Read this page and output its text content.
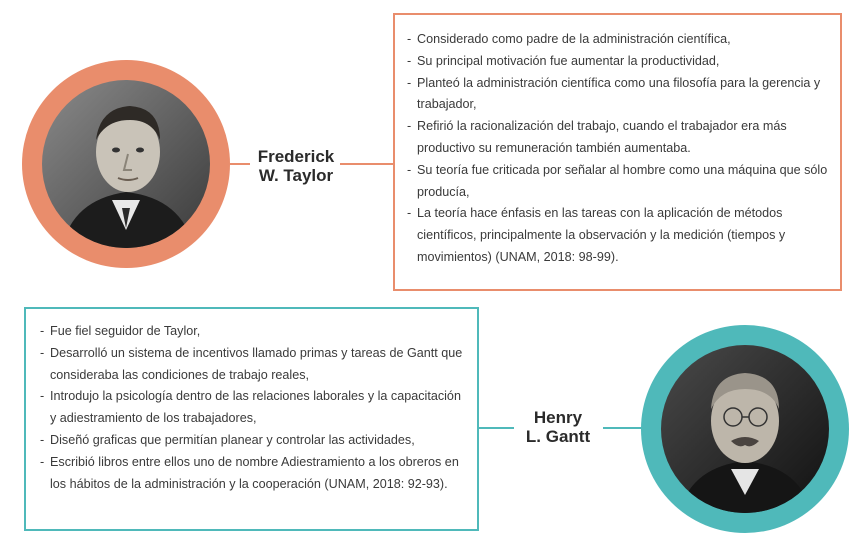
Frederick
W. Taylor
- Considerado como padre de la administración científica,
- Su principal motivación fue aumentar la productividad,
- Planteó la administración científica como una filosofía para la gerencia y trabajador,
- Refirió la racionalización del trabajo, cuando el trabajador era más productivo su remuneración también aumentaba.
- Su teoría fue criticada por señalar al hombre como una máquina que sólo producía,
- La teoría hace énfasis en las tareas con la aplicación de métodos científicos, principalmente la observación y la medición (tiempos y movimientos) (UNAM, 2018: 98-99).
- Fue fiel seguidor de Taylor,
- Desarrolló un sistema de incentivos llamado primas y tareas de Gantt que consideraba las condiciones de trabajo reales,
- Introdujo la psicología dentro de las relaciones laborales y la capacitación y adiestramiento de los trabajadores,
- Diseñó graficas que permitían planear y controlar las actividades,
- Escribió libros entre ellos uno de nombre Adiestramiento a los obreros en los hábitos de la administración y la cooperación (UNAM, 2018: 92-93).
Henry
L. Gantt
